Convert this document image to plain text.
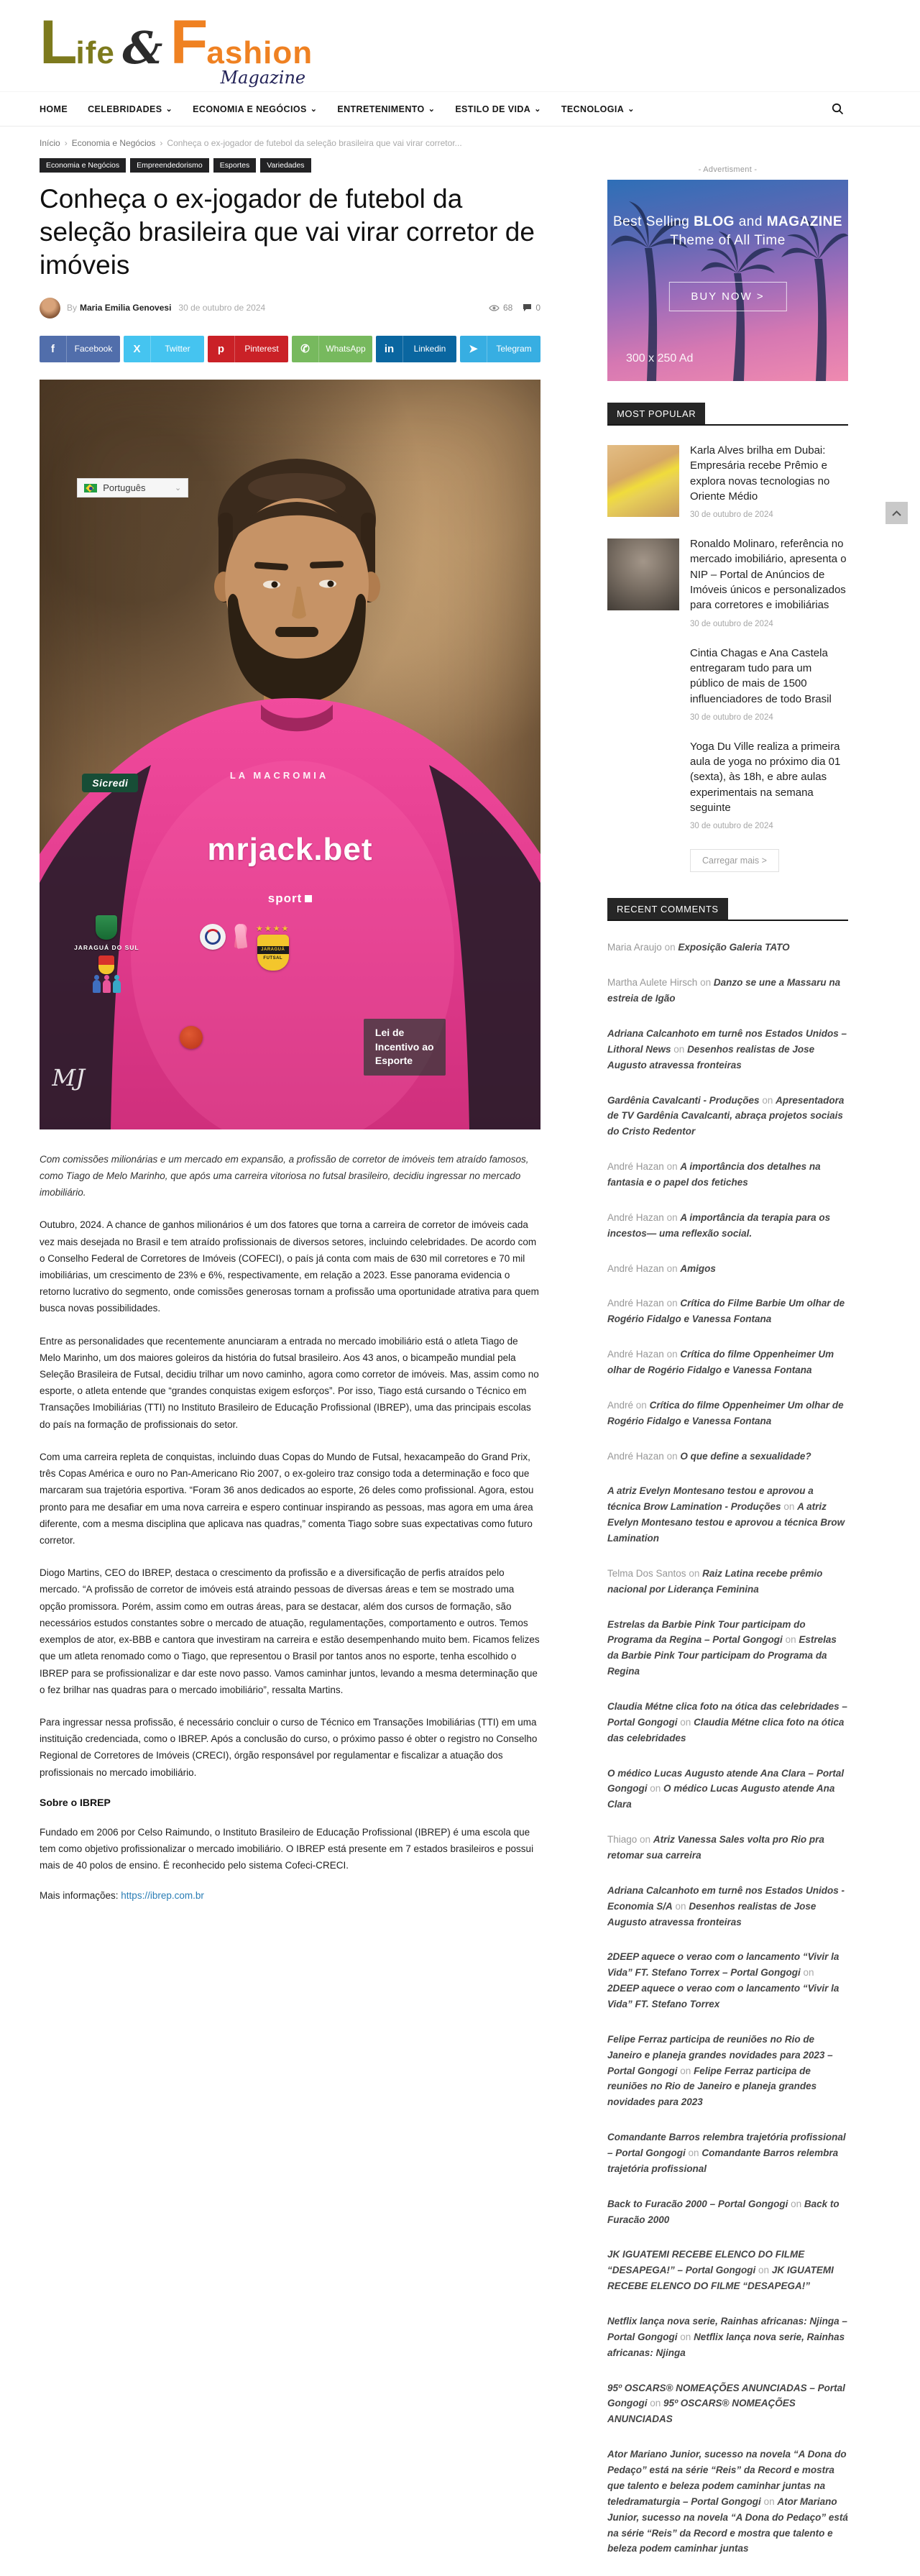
Life & Fashion
Magazine
HOME CELEBRIDADES ⌄ ECONOMIA E NEGÓCIOS ⌄ ENTRETENIMENTO ⌄ ESTILO DE VIDA ⌄ TECNOLOGIA ⌄
Início › Economia e Negócios › Conheça o ex-jogador de futebol da seleção brasileira que vai virar corretor...
Economia e Negócios	Empreendedorismo	Esportes	Variedades
Conheça o ex-jogador de futebol da seleção brasileira que vai virar corretor de imóveis
By Maria Emilia Genovesi 30 de outubro de 2024	68	0
f	Facebook	X	Twitter	p	Pinterest	✆	WhatsApp	in	Linkedin	➤	Telegram
Português	⌄
Sicredi
LA MACROMIA
mrjack.bet
sport
★★★★
JARAGUÁ
FUTSAL
JARAGUÁ DO SUL
Lei de
Incentivo ao
Esporte
MJ

Com comissões milionárias e um mercado em expansão, a profissão de corretor de imóveis tem atraído famosos, como Tiago de Melo Marinho, que após uma carreira vitoriosa no futsal brasileiro, decidiu ingressar no mercado imobiliário.

Outubro, 2024. A chance de ganhos milionários é um dos fatores que torna a carreira de corretor de imóveis cada vez mais desejada no Brasil e tem atraído profissionais de diversos setores, incluindo celebridades. De acordo com o Conselho Federal de Corretores de Imóveis (COFECI), o país já conta com mais de 630 mil corretores e 70 mil imobiliárias, um crescimento de 23% e 6%, respectivamente, em relação a 2023. Esse panorama evidencia o retorno lucrativo do segmento, onde comissões generosas tornam a profissão uma oportunidade atrativa para quem busca novas possibilidades.

Entre as personalidades que recentemente anunciaram a entrada no mercado imobiliário está o atleta Tiago de Melo Marinho, um dos maiores goleiros da história do futsal brasileiro. Aos 43 anos, o bicampeão mundial pela Seleção Brasileira de Futsal, decidiu trilhar um novo caminho, agora como corretor de imóveis. Mas, assim como no esporte, o atleta entende que “grandes conquistas exigem esforços”. Por isso, Tiago está cursando o Técnico em Transações Imobiliárias (TTI) no Instituto Brasileiro de Educação Profissional (IBREP), uma das principais escolas do país na formação de profissionais do setor.

Com uma carreira repleta de conquistas, incluindo duas Copas do Mundo de Futsal, hexacampeão do Grand Prix, três Copas América e ouro no Pan-Americano Rio 2007, o ex-goleiro traz consigo toda a determinação e foco que marcaram sua trajetória esportiva. “Foram 36 anos dedicados ao esporte, 26 deles como profissional. Agora, estou pronto para me desafiar em uma nova carreira e espero continuar inspirando as pessoas, mas agora em uma área diferente, com a mesma disciplina que aplicava nas quadras,” comenta Tiago sobre suas expectativas como futuro corretor.

Diogo Martins, CEO do IBREP, destaca o crescimento da profissão e a diversificação de perfis atraídos pelo mercado. “A profissão de corretor de imóveis está atraindo pessoas de diversas áreas e tem se mostrado uma opção promissora. Porém, assim como em outras áreas, para se destacar, além dos cursos de formação, são necessários estudos constantes sobre o mercado de atuação, regulamentações, comportamento e outros. Temos exemplos de ator, ex-BBB e cantora que investiram na carreira e estão desempenhando muito bem. Ficamos felizes que um atleta renomado como o Tiago, que representou o Brasil por tantos anos no esporte, tenha escolhido o IBREP para se profissionalizar e dar este novo passo. Vamos caminhar juntos, levando a mesma determinação que o fez brilhar nas quadras para o mercado imobiliário”, ressalta Martins.

Para ingressar nessa profissão, é necessário concluir o curso de Técnico em Transações Imobiliárias (TTI) em uma instituição credenciada, como o IBREP. Após a conclusão do curso, o próximo passo é obter o registro no Conselho Regional de Corretores de Imóveis (CRECI), órgão responsável por regulamentar e fiscalizar a atuação dos profissionais no mercado imobiliário.

Sobre o IBREP

Fundado em 2006 por Celso Raimundo, o Instituto Brasileiro de Educação Profissional (IBREP) é uma escola que tem como objetivo profissionalizar o mercado imobiliário. O IBREP está presente em 7 estados brasileiros e possui mais de 40 polos de ensino. É reconhecido pelo sistema Cofeci-CRECI.

Mais informações: https://ibrep.com.br

- Advertisment -
Best Selling BLOG and MAGAZINE
Theme of All Time
BUY NOW >
300 x 250 Ad
MOST POPULAR
Karla Alves brilha em Dubai: Empresária recebe Prêmio e explora novas tecnologias no Oriente Médio
30 de outubro de 2024
Ronaldo Molinaro, referência no mercado imobiliário, apresenta o NIP – Portal de Anúncios de Imóveis únicos e personalizados para corretores e imobiliárias
30 de outubro de 2024
Cintia Chagas e Ana Castela entregaram tudo para um público de mais de 1500 influenciadores de todo Brasil
30 de outubro de 2024
Yoga Du Ville realiza a primeira aula de yoga no próximo dia 01 (sexta), às 18h, e abre aulas experimentais na semana seguinte
30 de outubro de 2024
Carregar mais >
RECENT COMMENTS
Maria Araujo on Exposição Galeria TATO
Martha Aulete Hirsch on Danzo se une a Massaru na estreia de Igão
Adriana Calcanhoto em turnê nos Estados Unidos – Lithoral News on Desenhos realistas de Jose Augusto atravessa fronteiras
Gardênia Cavalcanti - Produções on Apresentadora de TV Gardênia Cavalcanti, abraça projetos sociais do Cristo Redentor
André Hazan on A importância dos detalhes na fantasia e o papel dos fetiches
André Hazan on A importância da terapia para os incestos— uma reflexão social.
André Hazan on Amigos
André Hazan on Crítica do Filme Barbie Um olhar de Rogério Fidalgo e Vanessa Fontana
André Hazan on Crítica do filme Oppenheimer Um olhar de Rogério Fidalgo e Vanessa Fontana
André on Crítica do filme Oppenheimer Um olhar de Rogério Fidalgo e Vanessa Fontana
André Hazan on O que define a sexualidade?
A atriz Evelyn Montesano testou e aprovou a técnica Brow Lamination - Produções on A atriz Evelyn Montesano testou e aprovou a técnica Brow Lamination
Telma Dos Santos on Raiz Latina recebe prêmio nacional por Liderança Feminina
Estrelas da Barbie Pink Tour participam do Programa da Regina – Portal Gongogi on Estrelas da Barbie Pink Tour participam do Programa da Regina
Claudia Métne clica foto na ótica das celebridades – Portal Gongogi on Claudia Métne clica foto na ótica das celebridades
O médico Lucas Augusto atende Ana Clara – Portal Gongogi on O médico Lucas Augusto atende Ana Clara
Thiago on Atriz Vanessa Sales volta pro Rio pra retomar sua carreira
Adriana Calcanhoto em turnê nos Estados Unidos - Economia S/A on Desenhos realistas de Jose Augusto atravessa fronteiras
2DEEP aquece o verao com o lancamento “Vivir la Vida” FT. Stefano Torrex – Portal Gongogi on 2DEEP aquece o verao com o lancamento “Vivir la Vida” FT. Stefano Torrex
Felipe Ferraz participa de reuniões no Rio de Janeiro e planeja grandes novidades para 2023 – Portal Gongogi on Felipe Ferraz participa de reuniões no Rio de Janeiro e planeja grandes novidades para 2023
Comandante Barros relembra trajetória profissional – Portal Gongogi on Comandante Barros relembra trajetória profissional
Back to Furacão 2000 – Portal Gongogi on Back to Furacão 2000
JK IGUATEMI RECEBE ELENCO DO FILME “DESAPEGA!” – Portal Gongogi on JK IGUATEMI RECEBE ELENCO DO FILME “DESAPEGA!”
Netflix lança nova serie, Rainhas africanas: Njinga – Portal Gongogi on Netflix lança nova serie, Rainhas africanas: Njinga
95º OSCARS® NOMEAÇÕES ANUNCIADAS – Portal Gongogi on 95º OSCARS® NOMEAÇÕES ANUNCIADAS
Ator Mariano Junior, sucesso na novela “A Dona do Pedaço” está na série “Reis” da Record e mostra que talento e beleza podem caminhar juntas na teledramaturgia – Portal Gongogi on Ator Mariano Junior, sucesso na novela “A Dona do Pedaço” está na série “Reis” da Record e mostra que talento e beleza podem caminhar juntas
